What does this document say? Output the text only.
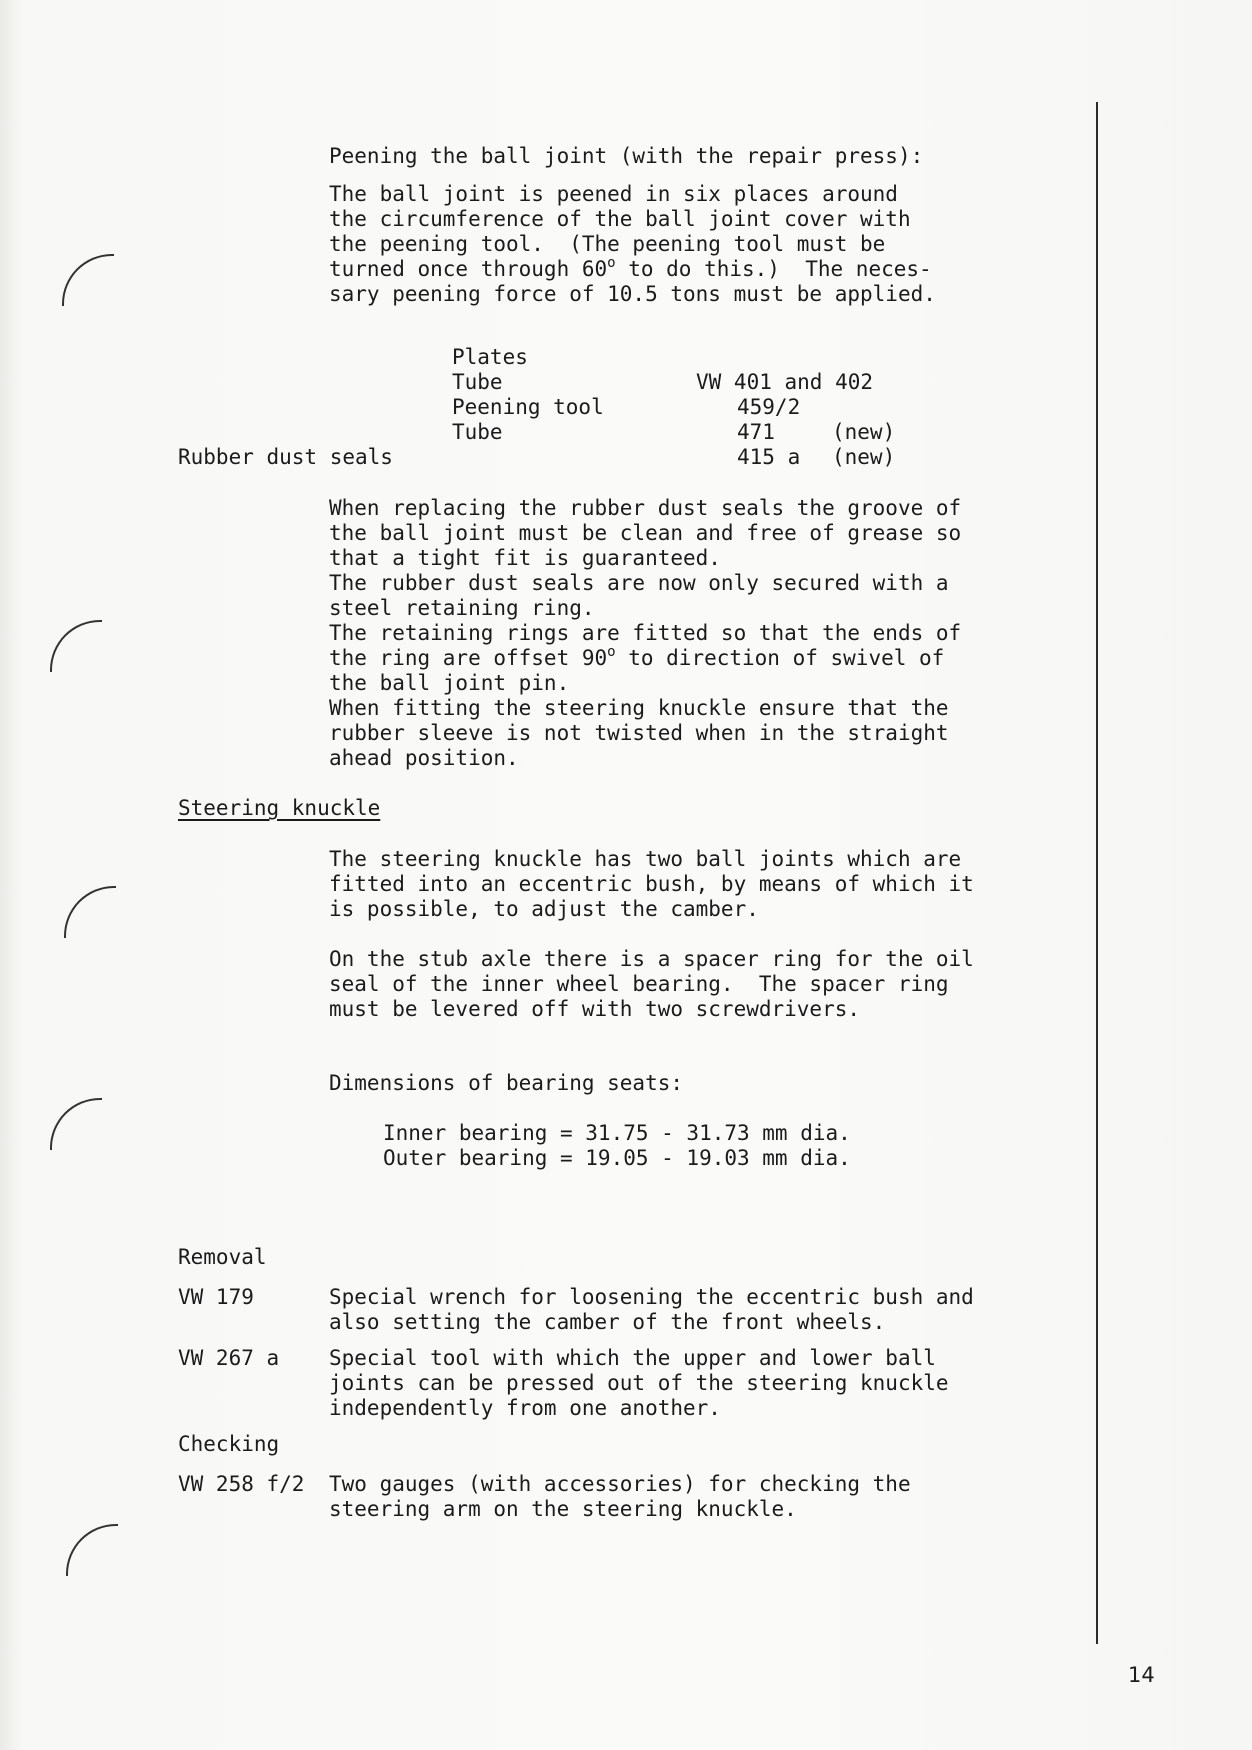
Peening the ball joint (with the repair press):
The ball joint is peened in six places around
the circumference of the ball joint cover with
the peening tool.  (The peening tool must be
turned once through 60$^o$ to do this.)  The neces-
sary peening force of 10.5 tons must be applied.

Plates

VW 401 and 402

Tube

459/2

(new)

Peening tool

471

(new)

Tube

415 a

Rubber dust seals
When replacing the rubber dust seals the groove of
the ball joint must be clean and free of grease so
that a tight fit is guaranteed.
The rubber dust seals are now only secured with a
steel retaining ring.
The retaining rings are fitted so that the ends of
the ring are offset 90$^o$ to direction of swivel of
the ball joint pin.
When fitting the steering knuckle ensure that the
rubber sleeve is not twisted when in the straight
ahead position.
Steering knuckle
The steering knuckle has two ball joints which are
fitted into an eccentric bush, by means of which it
is possible, to adjust the camber.
On the stub axle there is a spacer ring for the oil
seal of the inner wheel bearing.  The spacer ring
must be levered off with two screwdrivers.
Dimensions of bearing seats:
Inner bearing = 31.75 - 31.73 mm dia.
Outer bearing = 19.05 - 19.03 mm dia.
Removal
VW 179	Special wrench for loosening the eccentric bush and
also setting the camber of the front wheels.
VW 267 a Special tool with which the upper and lower ball
joints can be pressed out of the steering knuckle
independently from one another.
Checking
VW 258 f/2 Two gauges (with accessories) for checking the
steering arm on the steering knuckle.
14
